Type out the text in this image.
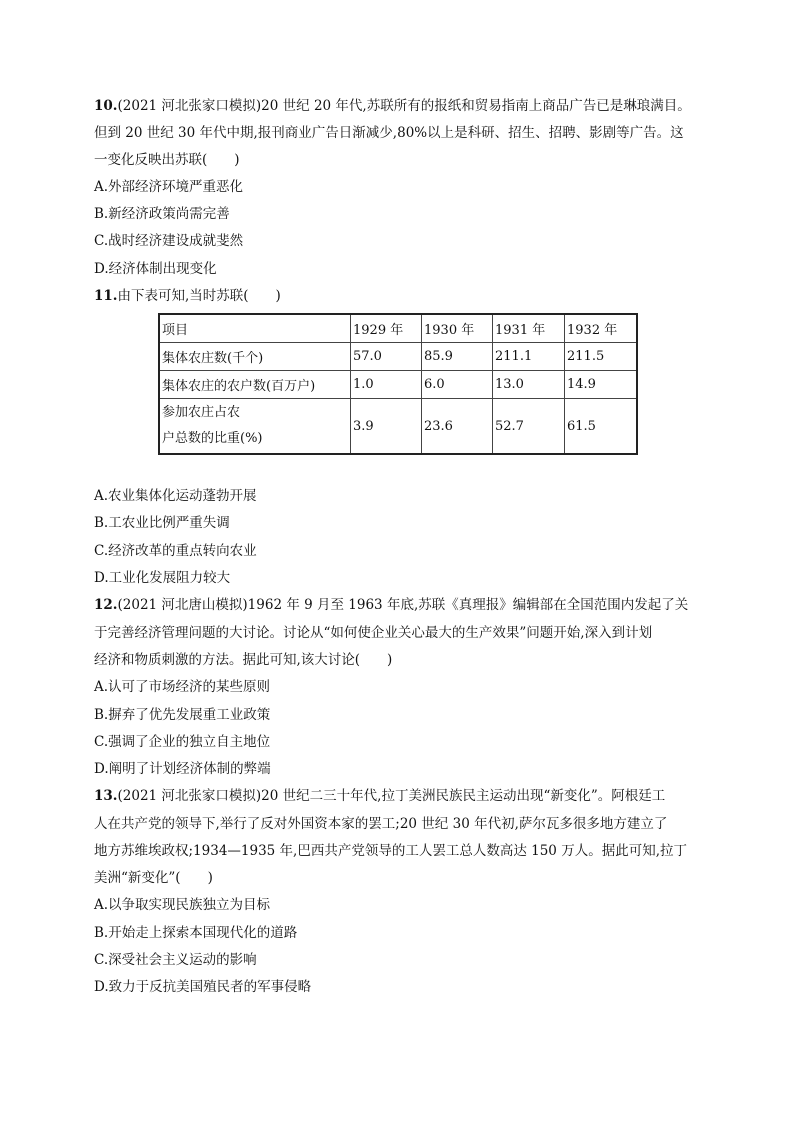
10.(2021 河北张家口模拟)20 世纪 20 年代,苏联所有的报纸和贸易指南上商品广告已是琳琅满目。
但到 20 世纪 30 年代中期,报刊商业广告日渐减少,80%以上是科研、招生、招聘、影剧等广告。这
一变化反映出苏联(　　)
A.外部经济环境严重恶化
B.新经济政策尚需完善
C.战时经济建设成就斐然
D.经济体制出现变化
11.由下表可知,当时苏联(　　)
项目	1929 年	1930 年	1931 年	1932 年
集体农庄数(千个)	57.0	85.9	211.1	211.5
集体农庄的农户数(百万户)	1.0	6.0	13.0	14.9
参加农庄占农
户总数的比重(%)	3.9	23.6	52.7	61.5
A.农业集体化运动蓬勃开展
B.工农业比例严重失调
C.经济改革的重点转向农业
D.工业化发展阻力较大
12.(2021 河北唐山模拟)1962 年 9 月至 1963 年底,苏联《真理报》编辑部在全国范围内发起了关
于完善经济管理问题的大讨论。讨论从“如何使企业关心最大的生产效果”问题开始,深入到计划
经济和物质刺激的方法。据此可知,该大讨论(　　)
A.认可了市场经济的某些原则
B.摒弃了优先发展重工业政策
C.强调了企业的独立自主地位
D.阐明了计划经济体制的弊端
13.(2021 河北张家口模拟)20 世纪二三十年代,拉丁美洲民族民主运动出现“新变化”。阿根廷工
人在共产党的领导下,举行了反对外国资本家的罢工;20 世纪 30 年代初,萨尔瓦多很多地方建立了
地方苏维埃政权;1934—1935 年,巴西共产党领导的工人罢工总人数高达 150 万人。据此可知,拉丁
美洲“新变化”(　　)
A.以争取实现民族独立为目标
B.开始走上探索本国现代化的道路
C.深受社会主义运动的影响
D.致力于反抗美国殖民者的军事侵略
